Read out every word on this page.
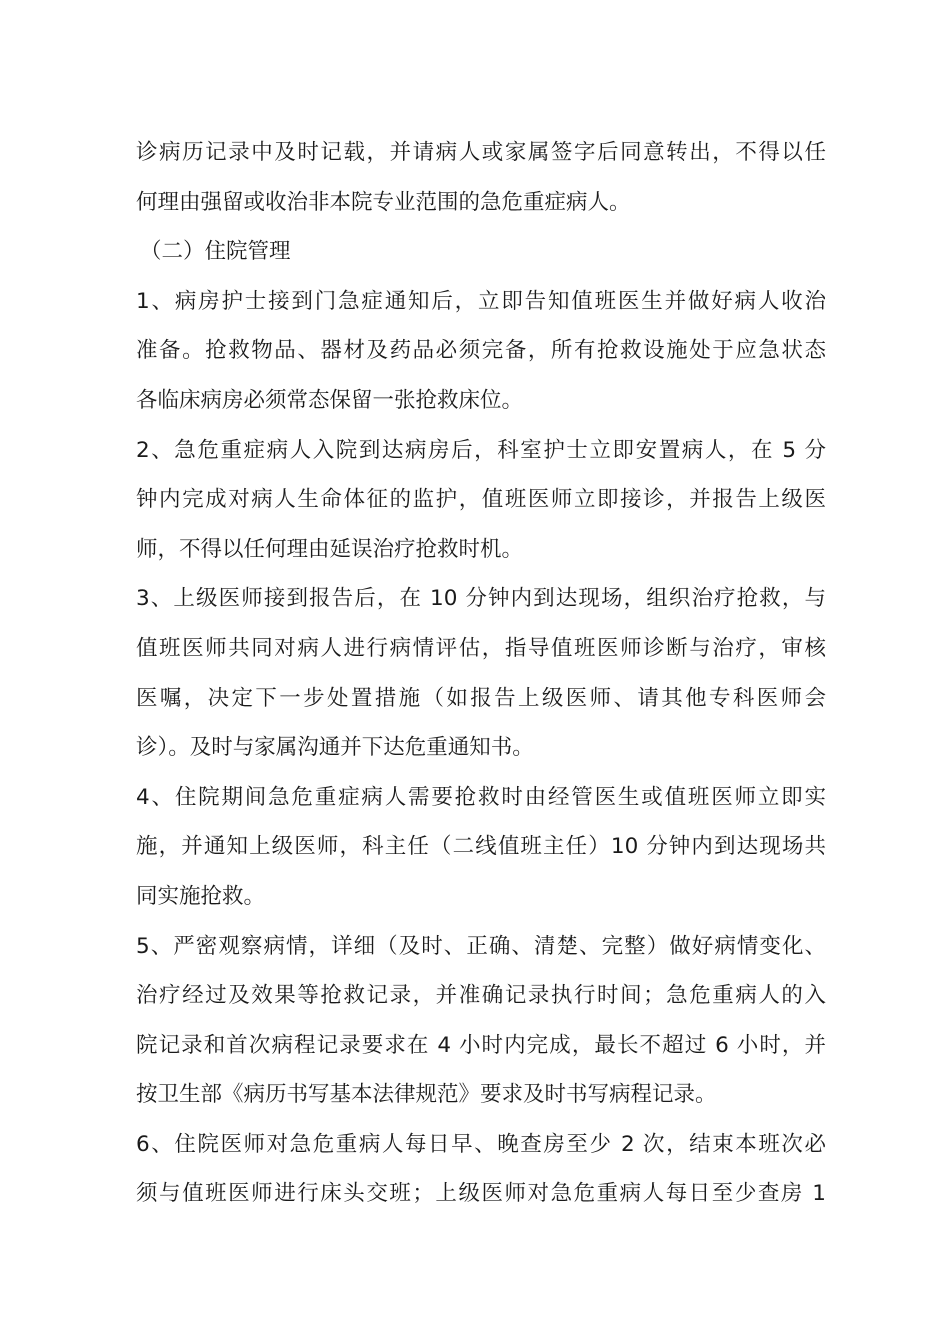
诊病历记录中及时记载，并请病人或家属签字后同意转出，不得以任
何理由强留或收治非本院专业范围的急危重症病人。
（二）住院管理
1、病房护士接到门急症通知后，立即告知值班医生并做好病人收治
准备。抢救物品、器材及药品必须完备，所有抢救设施处于应急状态
各临床病房必须常态保留一张抢救床位。
2、急危重症病人入院到达病房后，科室护士立即安置病人，在 5 分
钟内完成对病人生命体征的监护，值班医师立即接诊，并报告上级医
师，不得以任何理由延误治疗抢救时机。
3、上级医师接到报告后，在 10 分钟内到达现场，组织治疗抢救，与
值班医师共同对病人进行病情评估，指导值班医师诊断与治疗，审核
医嘱，决定下一步处置措施（如报告上级医师、请其他专科医师会
诊）。及时与家属沟通并下达危重通知书。
4、住院期间急危重症病人需要抢救时由经管医生或值班医师立即实
施，并通知上级医师，科主任（二线值班主任）10 分钟内到达现场共
同实施抢救。
5、严密观察病情，详细（及时、正确、清楚、完整）做好病情变化、
治疗经过及效果等抢救记录，并准确记录执行时间；急危重病人的入
院记录和首次病程记录要求在 4 小时内完成，最长不超过 6 小时，并
按卫生部《病历书写基本法律规范》要求及时书写病程记录。
6、住院医师对急危重病人每日早、晚查房至少 2 次，结束本班次必
须与值班医师进行床头交班；上级医师对急危重病人每日至少查房 1
